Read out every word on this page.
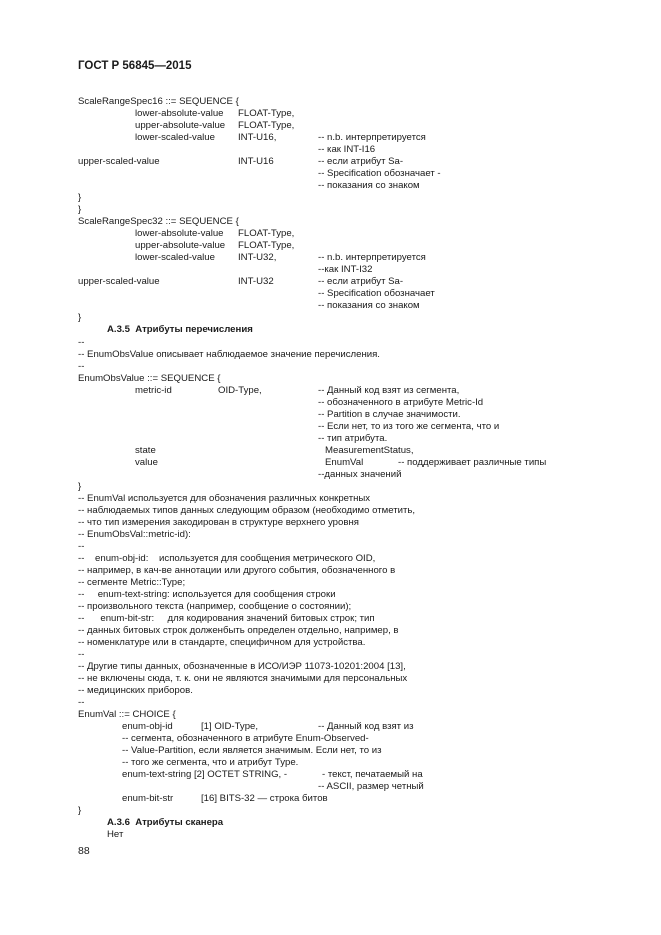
ГОСТ Р 56845—2015
ScaleRangeSpec16 ::= SEQUENCE {
lower-absolute-value FLOAT-Type,
upper-absolute-value FLOAT-Type,
lower-scaled-value INT-U16,	-- n.b. интерпретируется
-- как INT-I16
upper-scaled-value	INT-U16	-- если атрибут Sa-
-- Specification обозначает -
-- показания со знаком
}
}
ScaleRangeSpec32 ::= SEQUENCE {
lower-absolute-value FLOAT-Type,
upper-absolute-value FLOAT-Type,
lower-scaled-value INT-U32,	-- n.b. интерпретируется
--как INT-I32
upper-scaled-value	INT-U32	-- если атрибут Sa-
-- Specification обозначает
-- показания со знаком
}
A.3.5  Атрибуты перечисления
--
-- EnumObsValue описывает наблюдаемое значение перечисления.
--
EnumObsValue ::= SEQUENCE {
metric-id	OID-Type,	-- Данный код взят из сегмента,
-- обозначенного в атрибуте Metric-Id
-- Partition в случае значимости.
-- Если нет, то из того же сегмента, что и
-- тип атрибута.
state	MeasurementStatus,
value	EnumVal	-- поддерживает различные типы
--данных значений
}
-- EnumVal используется для обозначения различных конкретных
-- наблюдаемых типов данных следующим образом (необходимо отметить,
-- что тип измерения закодирован в структуре верхнего уровня
-- EnumObsVal::metric-id):
--
--    enum-obj-id:    используется для сообщения метрического OID,
-- например, в кач-ве аннотации или другого события, обозначенного в
-- сегменте Metric::Type;
--     enum-text-string: используется для сообщения строки
-- произвольного текста (например, сообщение о состоянии);
--      enum-bit-str:     для кодирования значений битовых строк; тип
-- данных битовых строк долженбыть определен отдельно, например, в
-- номенклатуре или в стандарте, специфичном для устройства.
--
-- Другие типы данных, обозначенные в ИСО/ИЭР 11073-10201:2004 [13],
-- не включены сюда, т. к. они не являются значимыми для персональных
-- медицинских приборов.
--
EnumVal ::= CHOICE {
enum-obj-id	[1] OID-Type,	-- Данный код взят из
-- сегмента, обозначенного в атрибуте Enum-Observed-
-- Value-Partition, если является значимым. Если нет, то из
-- того же сегмента, что и атрибут Type.
enum-text-string [2] OCTET STRING, -	- текст, печатаемый на
-- ASCII, размер четный
enum-bit-str	[16] BITS-32 — строка битов
}
A.3.6  Атрибуты сканера
Нет
88
